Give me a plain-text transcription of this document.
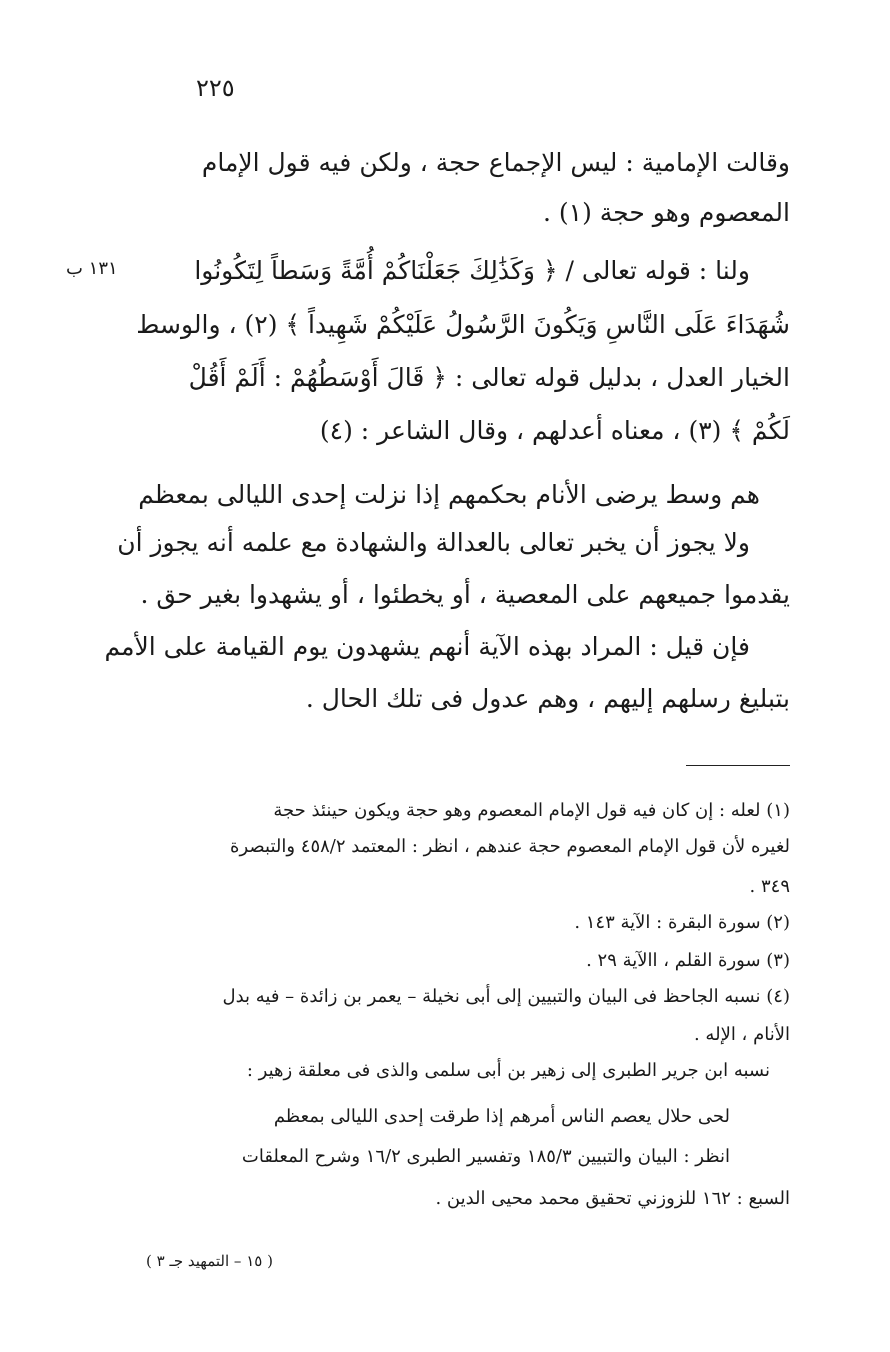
٢٢٥
١٣١ ب
وقالت الإمامية : ليس الإجماع حجة ، ولكن فيه قول الإمام
المعصوم وهو حجة (١) .
ولنا : قوله تعالى / ﴿ وَكَذَٰلِكَ جَعَلْنَاكُمْ أُمَّةً وَسَطاً لِتَكُونُوا
شُهَدَاءَ عَلَى النَّاسِ وَيَكُونَ الرَّسُولُ عَلَيْكُمْ شَهِيداً ﴾ (٢) ، والوسط
الخيار العدل ، بدليل قوله تعالى : ﴿ قَالَ أَوْسَطُهُمْ : أَلَمْ أَقُلْ
لَكُمْ ﴾ (٣) ، معناه أعدلهم ، وقال الشاعر : (٤)
هم وسط يرضى الأنام بحكمهم إذا نزلت إحدى الليالى بمعظم
ولا يجوز أن يخبر تعالى بالعدالة والشهادة مع علمه أنه يجوز أن
يقدموا جميعهم على المعصية ، أو يخطئوا ، أو يشهدوا بغير حق .
فإن قيل : المراد بهذه الآية أنهم يشهدون يوم القيامة على الأمم
بتبليغ رسلهم إليهم ، وهم عدول فى تلك الحال .
(١) لعله : إن كان فيه قول الإمام المعصوم وهو حجة ويكون حينئذ حجة
لغيره لأن قول الإمام المعصوم حجة عندهم ، انظر : المعتمد ٤٥٨/٢ والتبصرة
٣٤٩ .
(٢) سورة البقرة : الآية ١٤٣ .
(٣) سورة القلم ، االآية ٢٩ .
(٤) نسبه الجاحظ فى البيان والتبيين إلى أبى نخيلة – يعمر بن زائدة – فيه بدل
الأنام ، الإله .
نسبه ابن جرير الطبرى إلى زهير بن أبى سلمى والذى فى معلقة زهير :
لحى حلال يعصم الناس أمرهم إذا طرقت إحدى الليالى بمعظم
انظر : البيان والتبيين ١٨٥/٣ وتفسير الطبرى ١٦/٢ وشرح المعلقات
السبع : ١٦٢ للزوزني تحقيق محمد محيى الدين .
( ١٥ – التمهيد جـ ٣ )
